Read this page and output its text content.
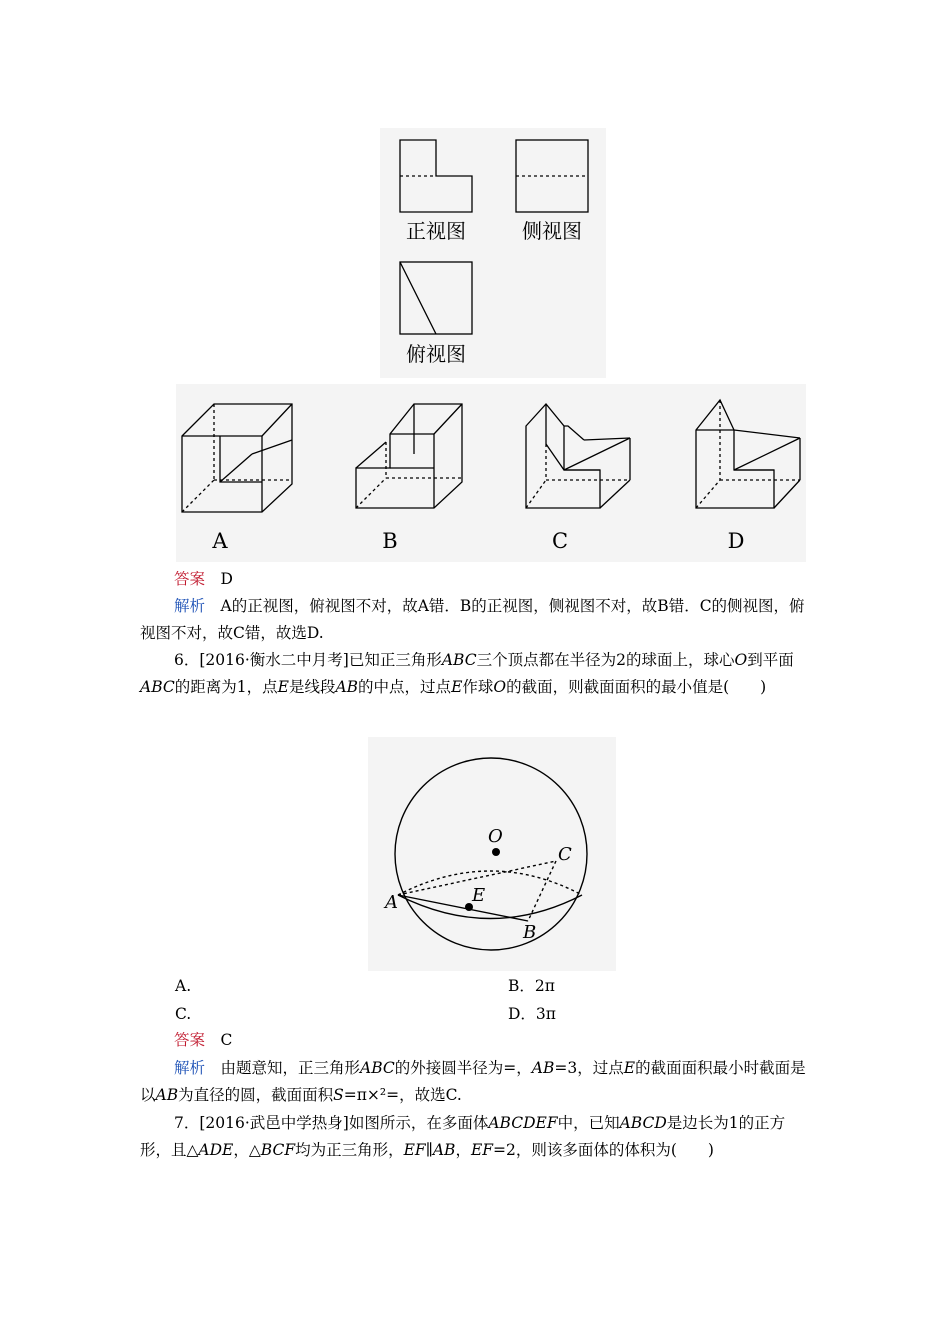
正视图	侧视图
俯视图
A	B	C	D

答案　 D

解析　 A的正视图，俯视图不对，故A错．B的正视图，侧视图不对，故B错．C的侧视图，俯视图不对，故C错，故选D.

6．[2016·衡水二中月考]已知正三角形ABC三个顶点都在半径为2的球面上，球心O到平面ABC的距离为1，点E是线段AB的中点，过点E作球O的截面，则截面面积的最小值是(　　)

O
C
A	E
B
A.	B．2π
C.	D．3π

答案　 C

解析　 由题意知，正三角形ABC的外接圆半径为=，AB=3，过点E的截面面积最小时截面是以AB为直径的圆，截面面积S=π×²=，故选C.

7．[2016·武邑中学热身]如图所示，在多面体ABCDEF中，已知ABCD是边长为1的正方形，且△ADE，△BCF均为正三角形，EF∥AB，EF=2，则该多面体的体积为(　　)
